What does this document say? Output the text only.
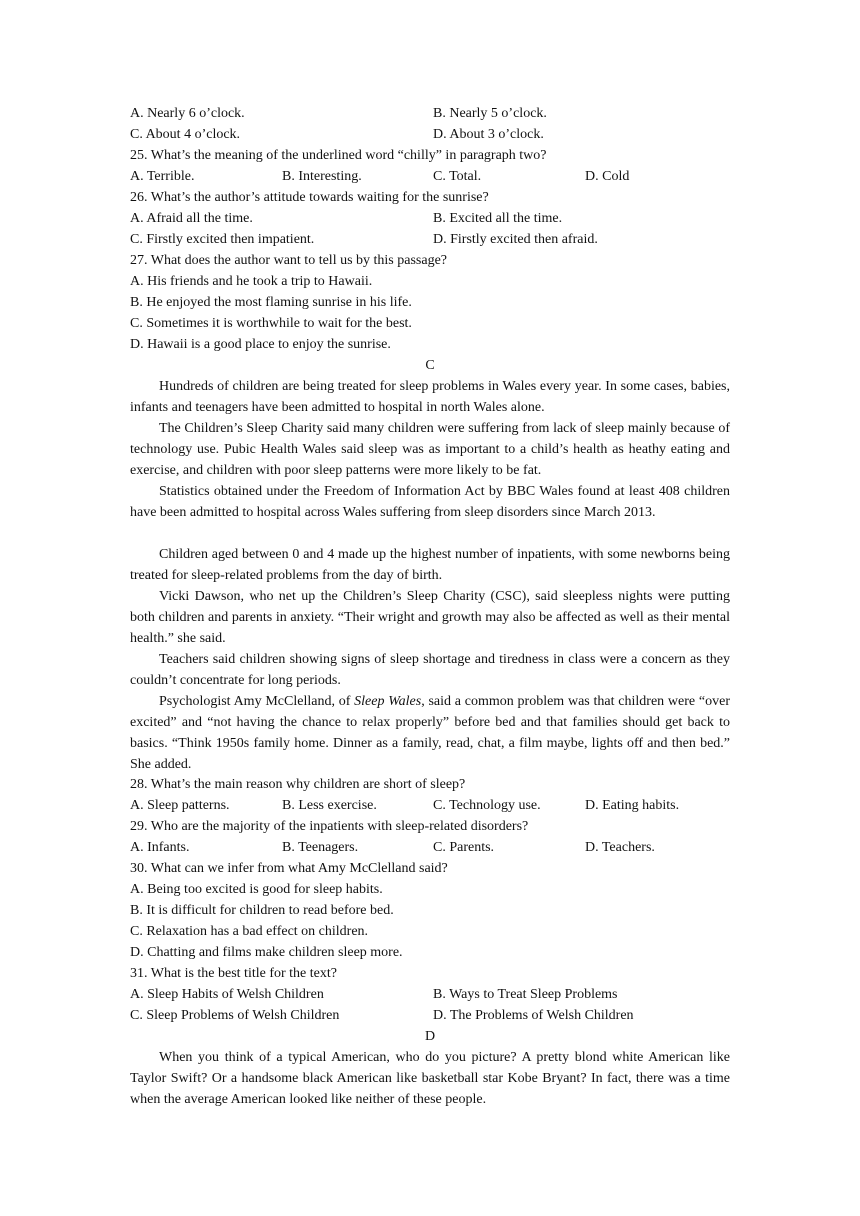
A. Nearly 6 o’clock.	B. Nearly 5 o’clock.
C. About 4 o’clock.	D. About 3 o’clock.
25. What’s the meaning of the underlined word “chilly” in paragraph two?
A. Terrible.	B. Interesting.	C. Total.	D. Cold
26. What’s the author’s attitude towards waiting for the sunrise?
A. Afraid all the time.	B. Excited all the time.
C. Firstly excited then impatient.	D. Firstly excited then afraid.
27. What does the author want to tell us by this passage?
A. His friends and he took a trip to Hawaii.
B. He enjoyed the most flaming sunrise in his life.
C. Sometimes it is worthwhile to wait for the best.
D. Hawaii is a good place to enjoy the sunrise.
C
Hundreds of children are being treated for sleep problems in Wales every year. In some cases, babies, infants and teenagers have been admitted to hospital in north Wales alone.
The Children’s Sleep Charity said many children were suffering from lack of sleep mainly because of technology use. Pubic Health Wales said sleep was as important to a child’s health as heathy eating and exercise, and children with poor sleep patterns were more likely to be fat.
Statistics obtained under the Freedom of Information Act by BBC Wales found at least 408 children have been admitted to hospital across Wales suffering from sleep disorders since March 2013.
Children aged between 0 and 4 made up the highest number of inpatients, with some newborns being treated for sleep-related problems from the day of birth.
Vicki Dawson, who net up the Children’s Sleep Charity (CSC), said sleepless nights were putting both children and parents in anxiety. “Their wright and growth may also be affected as well as their mental health.” she said.
Teachers said children showing signs of sleep shortage and tiredness in class were a concern as they couldn’t concentrate for long periods.
Psychologist Amy McClelland, of Sleep Wales, said a common problem was that children were “over excited” and “not having the chance to relax properly” before bed and that families should get back to basics. “Think 1950s family home. Dinner as a family, read, chat, a film maybe, lights off and then bed.” She added.
28. What’s the main reason why children are short of sleep?
A. Sleep patterns.	B. Less exercise.	C. Technology use.	D. Eating habits.
29. Who are the majority of the inpatients with sleep-related disorders?
A. Infants.	B. Teenagers.	C. Parents.	D. Teachers.
30. What can we infer from what Amy McClelland said?
A. Being too excited is good for sleep habits.
B. It is difficult for children to read before bed.
C. Relaxation has a bad effect on children.
D. Chatting and films make children sleep more.
31. What is the best title for the text?
A. Sleep Habits of Welsh Children	B. Ways to Treat Sleep Problems
C. Sleep Problems of Welsh Children	D. The Problems of Welsh Children
D
When you think of a typical American, who do you picture? A pretty blond white American like Taylor Swift? Or a handsome black American like basketball star Kobe Bryant? In fact, there was a time when the average American looked like neither of these people.
